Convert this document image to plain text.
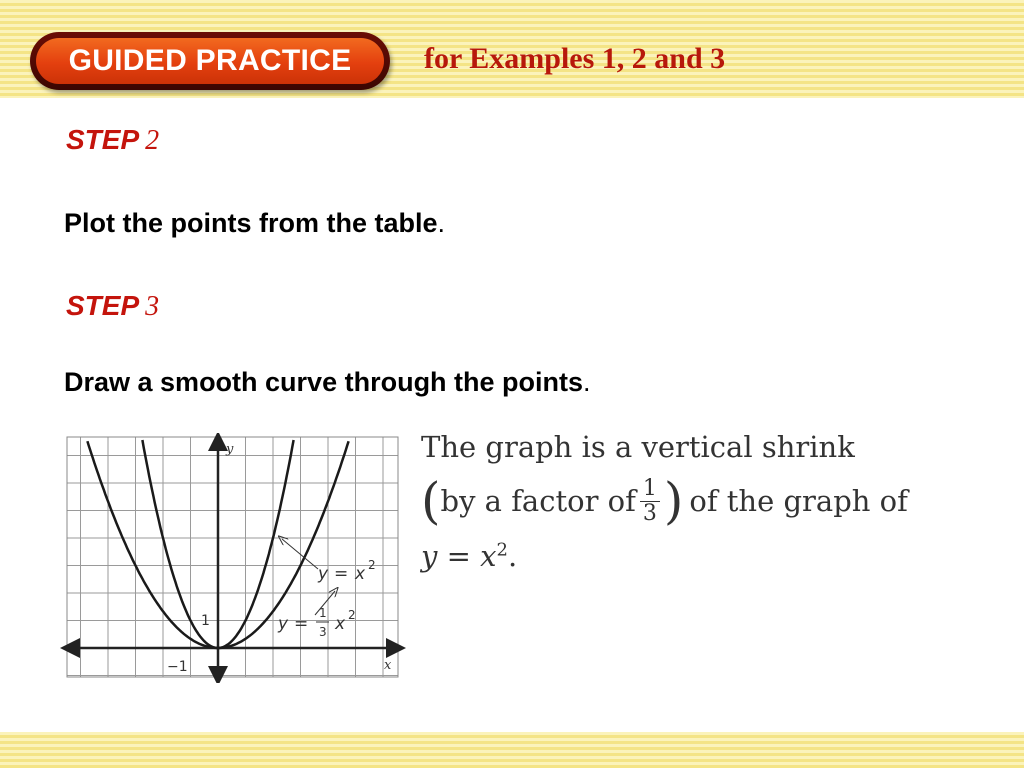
GUIDED PRACTICE for Examples 1, 2 and 3
STEP 2
Plot the points from the table.
STEP 3
Draw a smooth curve through the points.
y
x
1
−1
y = x 2
y =
1
3 x 2
The graph is a vertical shrink
( by a factor of $\frac{1}{3}$ ) of the graph of
$y = x^2$.
